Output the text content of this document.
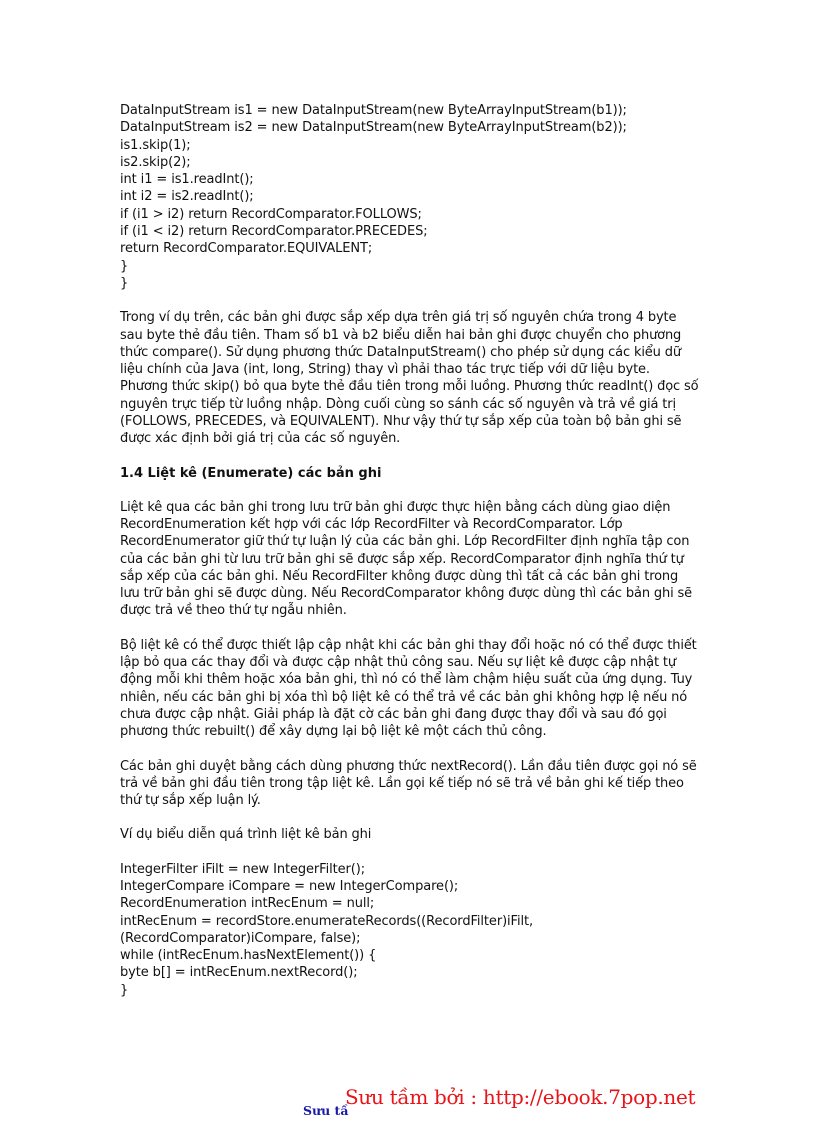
DataInputStream is1 = new DataInputStream(new ByteArrayInputStream(b1));
DataInputStream is2 = new DataInputStream(new ByteArrayInputStream(b2));
is1.skip(1);
is2.skip(2);
int i1 = is1.readInt();
int i2 = is2.readInt();
if (i1 > i2) return RecordComparator.FOLLOWS;
if (i1 < i2) return RecordComparator.PRECEDES;
return RecordComparator.EQUIVALENT;
}
}
Trong ví dụ trên, các bản ghi được sắp xếp dựa trên giá trị số nguyên chứa trong 4 byte sau byte thẻ đầu tiên. Tham số b1 và b2 biểu diễn hai bản ghi được chuyển cho phương thức compare(). Sử dụng phương thức DataInputStream() cho phép sử dụng các kiểu dữ liệu chính của Java (int, long, String) thay vì phải thao tác trực tiếp với dữ liệu byte. Phương thức skip() bỏ qua byte thẻ đầu tiên trong mỗi luồng. Phương thức readInt() đọc số nguyên trực tiếp từ luồng nhập. Dòng cuối cùng so sánh các số nguyên và trả về giá trị (FOLLOWS, PRECEDES, và EQUIVALENT). Như vậy thứ tự sắp xếp của toàn bộ bản ghi sẽ được xác định bởi giá trị của các số nguyên.
1.4 Liệt kê (Enumerate) các bản ghi
Liệt kê qua các bản ghi trong lưu trữ bản ghi được thực hiện bằng cách dùng giao diện RecordEnumeration kết hợp với các lớp RecordFilter và RecordComparator. Lớp RecordEnumerator giữ thứ tự luận lý của các bản ghi. Lớp RecordFilter định nghĩa tập con của các bản ghi từ lưu trữ bản ghi sẽ được sắp xếp. RecordComparator định nghĩa thứ tự sắp xếp của các bản ghi. Nếu RecordFilter không được dùng thì tất cả các bản ghi trong lưu trữ bản ghi sẽ được dùng. Nếu RecordComparator không được dùng thì các bản ghi sẽ được trả về theo thứ tự ngẫu nhiên.
Bộ liệt kê có thể được thiết lập cập nhật khi các bản ghi thay đổi hoặc nó có thể được thiết lập bỏ qua các thay đổi và được cập nhật thủ công sau. Nếu sự liệt kê được cập nhật tự động mỗi khi thêm hoặc xóa bản ghi, thì nó có thể làm chậm hiệu suất của ứng dụng. Tuy nhiên, nếu các bản ghi bị xóa thì bộ liệt kê có thể trả về các bản ghi không hợp lệ nếu nó chưa được cập nhật. Giải pháp là đặt cờ các bản ghi đang được thay đổi và sau đó gọi phương thức rebuilt() để xây dựng lại bộ liệt kê một cách thủ công.
Các bản ghi duyệt bằng cách dùng phương thức nextRecord(). Lần đầu tiên được gọi nó sẽ trả về bản ghi đầu tiên trong tập liệt kê. Lần gọi kế tiếp nó sẽ trả về bản ghi kế tiếp theo thứ tự sắp xếp luận lý.
Ví dụ biểu diễn quá trình liệt kê bản ghi
IntegerFilter iFilt = new IntegerFilter();
IntegerCompare iCompare = new IntegerCompare();
RecordEnumeration intRecEnum = null;
intRecEnum = recordStore.enumerateRecords((RecordFilter)iFilt,
(RecordComparator)iCompare, false);
while (intRecEnum.hasNextElement()) {
byte b[] = intRecEnum.nextRecord();
}
Sưu tầ
Sưu tầm bởi : http://ebook.7pop.net
